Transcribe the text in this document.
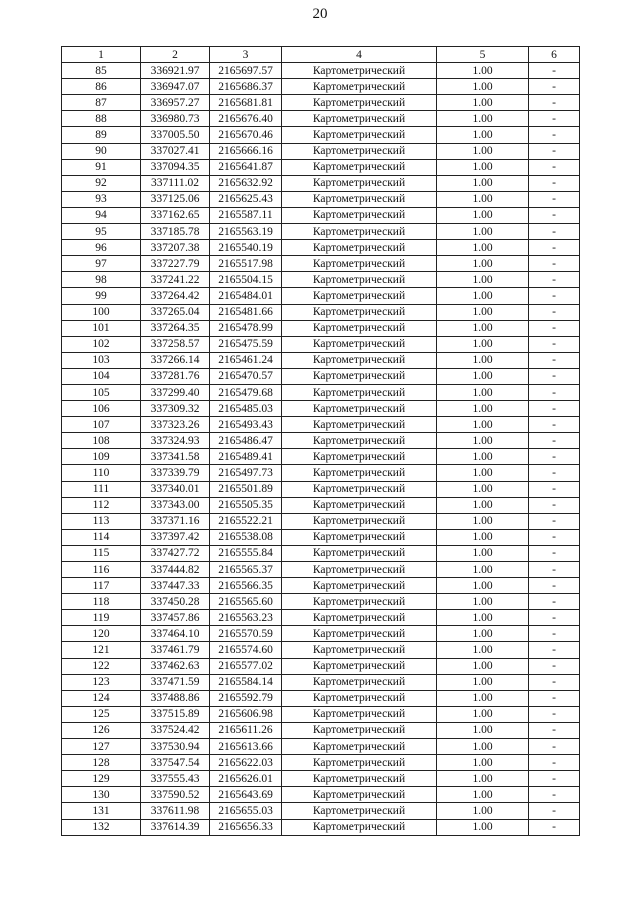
20
1	2	3	4	5	6
85	336921.97	2165697.57	Картометрический	1.00	-
86	336947.07	2165686.37	Картометрический	1.00	-
87	336957.27	2165681.81	Картометрический	1.00	-
88	336980.73	2165676.40	Картометрический	1.00	-
89	337005.50	2165670.46	Картометрический	1.00	-
90	337027.41	2165666.16	Картометрический	1.00	-
91	337094.35	2165641.87	Картометрический	1.00	-
92	337111.02	2165632.92	Картометрический	1.00	-
93	337125.06	2165625.43	Картометрический	1.00	-
94	337162.65	2165587.11	Картометрический	1.00	-
95	337185.78	2165563.19	Картометрический	1.00	-
96	337207.38	2165540.19	Картометрический	1.00	-
97	337227.79	2165517.98	Картометрический	1.00	-
98	337241.22	2165504.15	Картометрический	1.00	-
99	337264.42	2165484.01	Картометрический	1.00	-
100	337265.04	2165481.66	Картометрический	1.00	-
101	337264.35	2165478.99	Картометрический	1.00	-
102	337258.57	2165475.59	Картометрический	1.00	-
103	337266.14	2165461.24	Картометрический	1.00	-
104	337281.76	2165470.57	Картометрический	1.00	-
105	337299.40	2165479.68	Картометрический	1.00	-
106	337309.32	2165485.03	Картометрический	1.00	-
107	337323.26	2165493.43	Картометрический	1.00	-
108	337324.93	2165486.47	Картометрический	1.00	-
109	337341.58	2165489.41	Картометрический	1.00	-
110	337339.79	2165497.73	Картометрический	1.00	-
111	337340.01	2165501.89	Картометрический	1.00	-
112	337343.00	2165505.35	Картометрический	1.00	-
113	337371.16	2165522.21	Картометрический	1.00	-
114	337397.42	2165538.08	Картометрический	1.00	-
115	337427.72	2165555.84	Картометрический	1.00	-
116	337444.82	2165565.37	Картометрический	1.00	-
117	337447.33	2165566.35	Картометрический	1.00	-
118	337450.28	2165565.60	Картометрический	1.00	-
119	337457.86	2165563.23	Картометрический	1.00	-
120	337464.10	2165570.59	Картометрический	1.00	-
121	337461.79	2165574.60	Картометрический	1.00	-
122	337462.63	2165577.02	Картометрический	1.00	-
123	337471.59	2165584.14	Картометрический	1.00	-
124	337488.86	2165592.79	Картометрический	1.00	-
125	337515.89	2165606.98	Картометрический	1.00	-
126	337524.42	2165611.26	Картометрический	1.00	-
127	337530.94	2165613.66	Картометрический	1.00	-
128	337547.54	2165622.03	Картометрический	1.00	-
129	337555.43	2165626.01	Картометрический	1.00	-
130	337590.52	2165643.69	Картометрический	1.00	-
131	337611.98	2165655.03	Картометрический	1.00	-
132	337614.39	2165656.33	Картометрический	1.00	-
